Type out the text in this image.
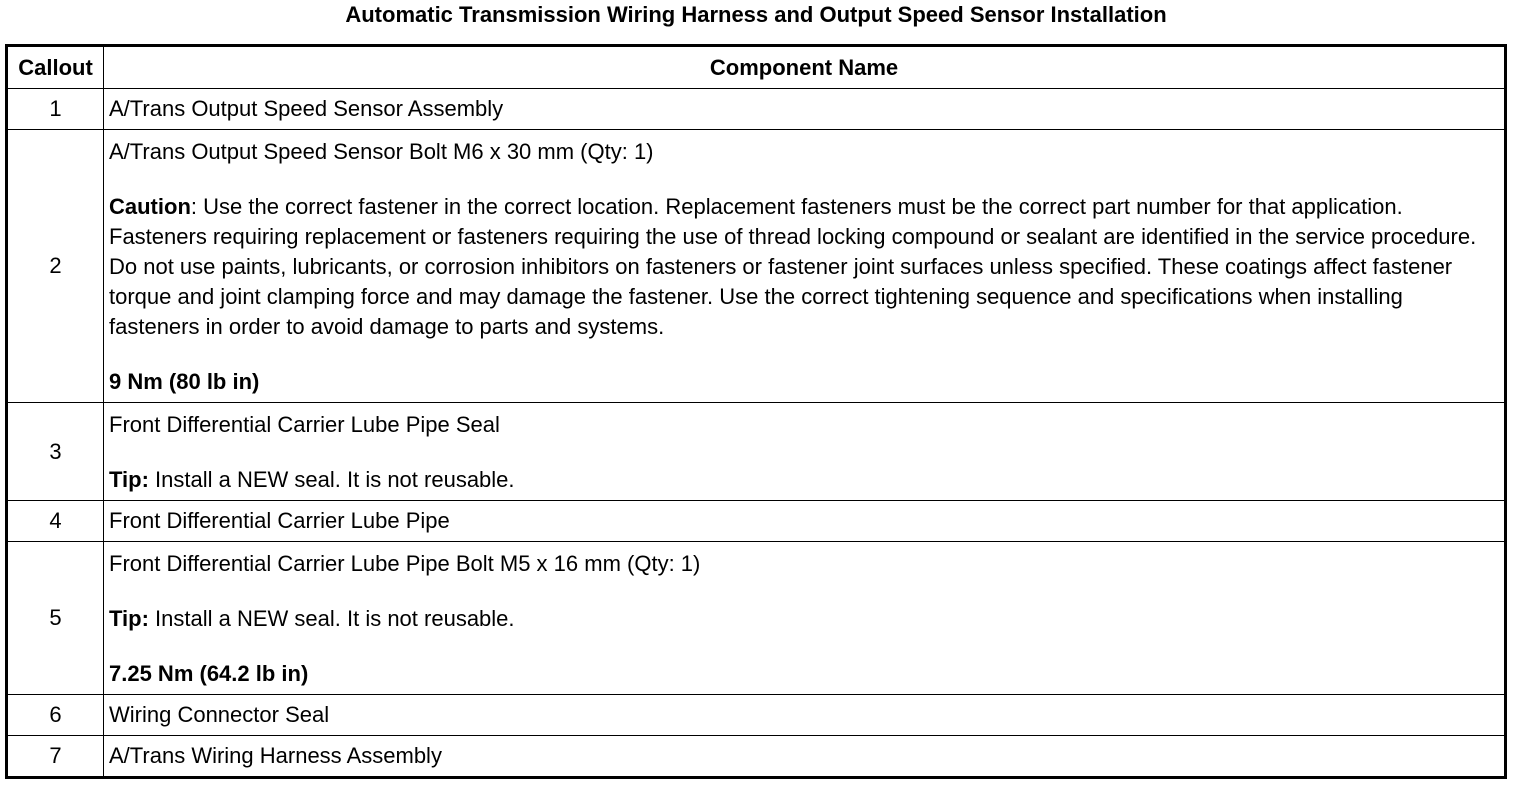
Automatic Transmission Wiring Harness and Output Speed Sensor Installation
Callout	Component Name
1	A/Trans Output Speed Sensor Assembly
2	A/Trans Output Speed Sensor Bolt M6 x 30 mm (Qty: 1)
Caution: Use the correct fastener in the correct location. Replacement fasteners must be the correct part number for that application. Fasteners requiring replacement or fasteners requiring the use of thread locking compound or sealant are identified in the service procedure. Do not use paints, lubricants, or corrosion inhibitors on fasteners or fastener joint surfaces unless specified. These coatings affect fastener torque and joint clamping force and may damage the fastener. Use the correct tightening sequence and specifications when installing fasteners in order to avoid damage to parts and systems.
9 Nm (80 lb in)

3	Front Differential Carrier Lube Pipe Seal
Tip: Install a NEW seal. It is not reusable.

4	Front Differential Carrier Lube Pipe
5	Front Differential Carrier Lube Pipe Bolt M5 x 16 mm (Qty: 1)
Tip: Install a NEW seal. It is not reusable.
7.25 Nm (64.2 lb in)

6	Wiring Connector Seal
7	A/Trans Wiring Harness Assembly
